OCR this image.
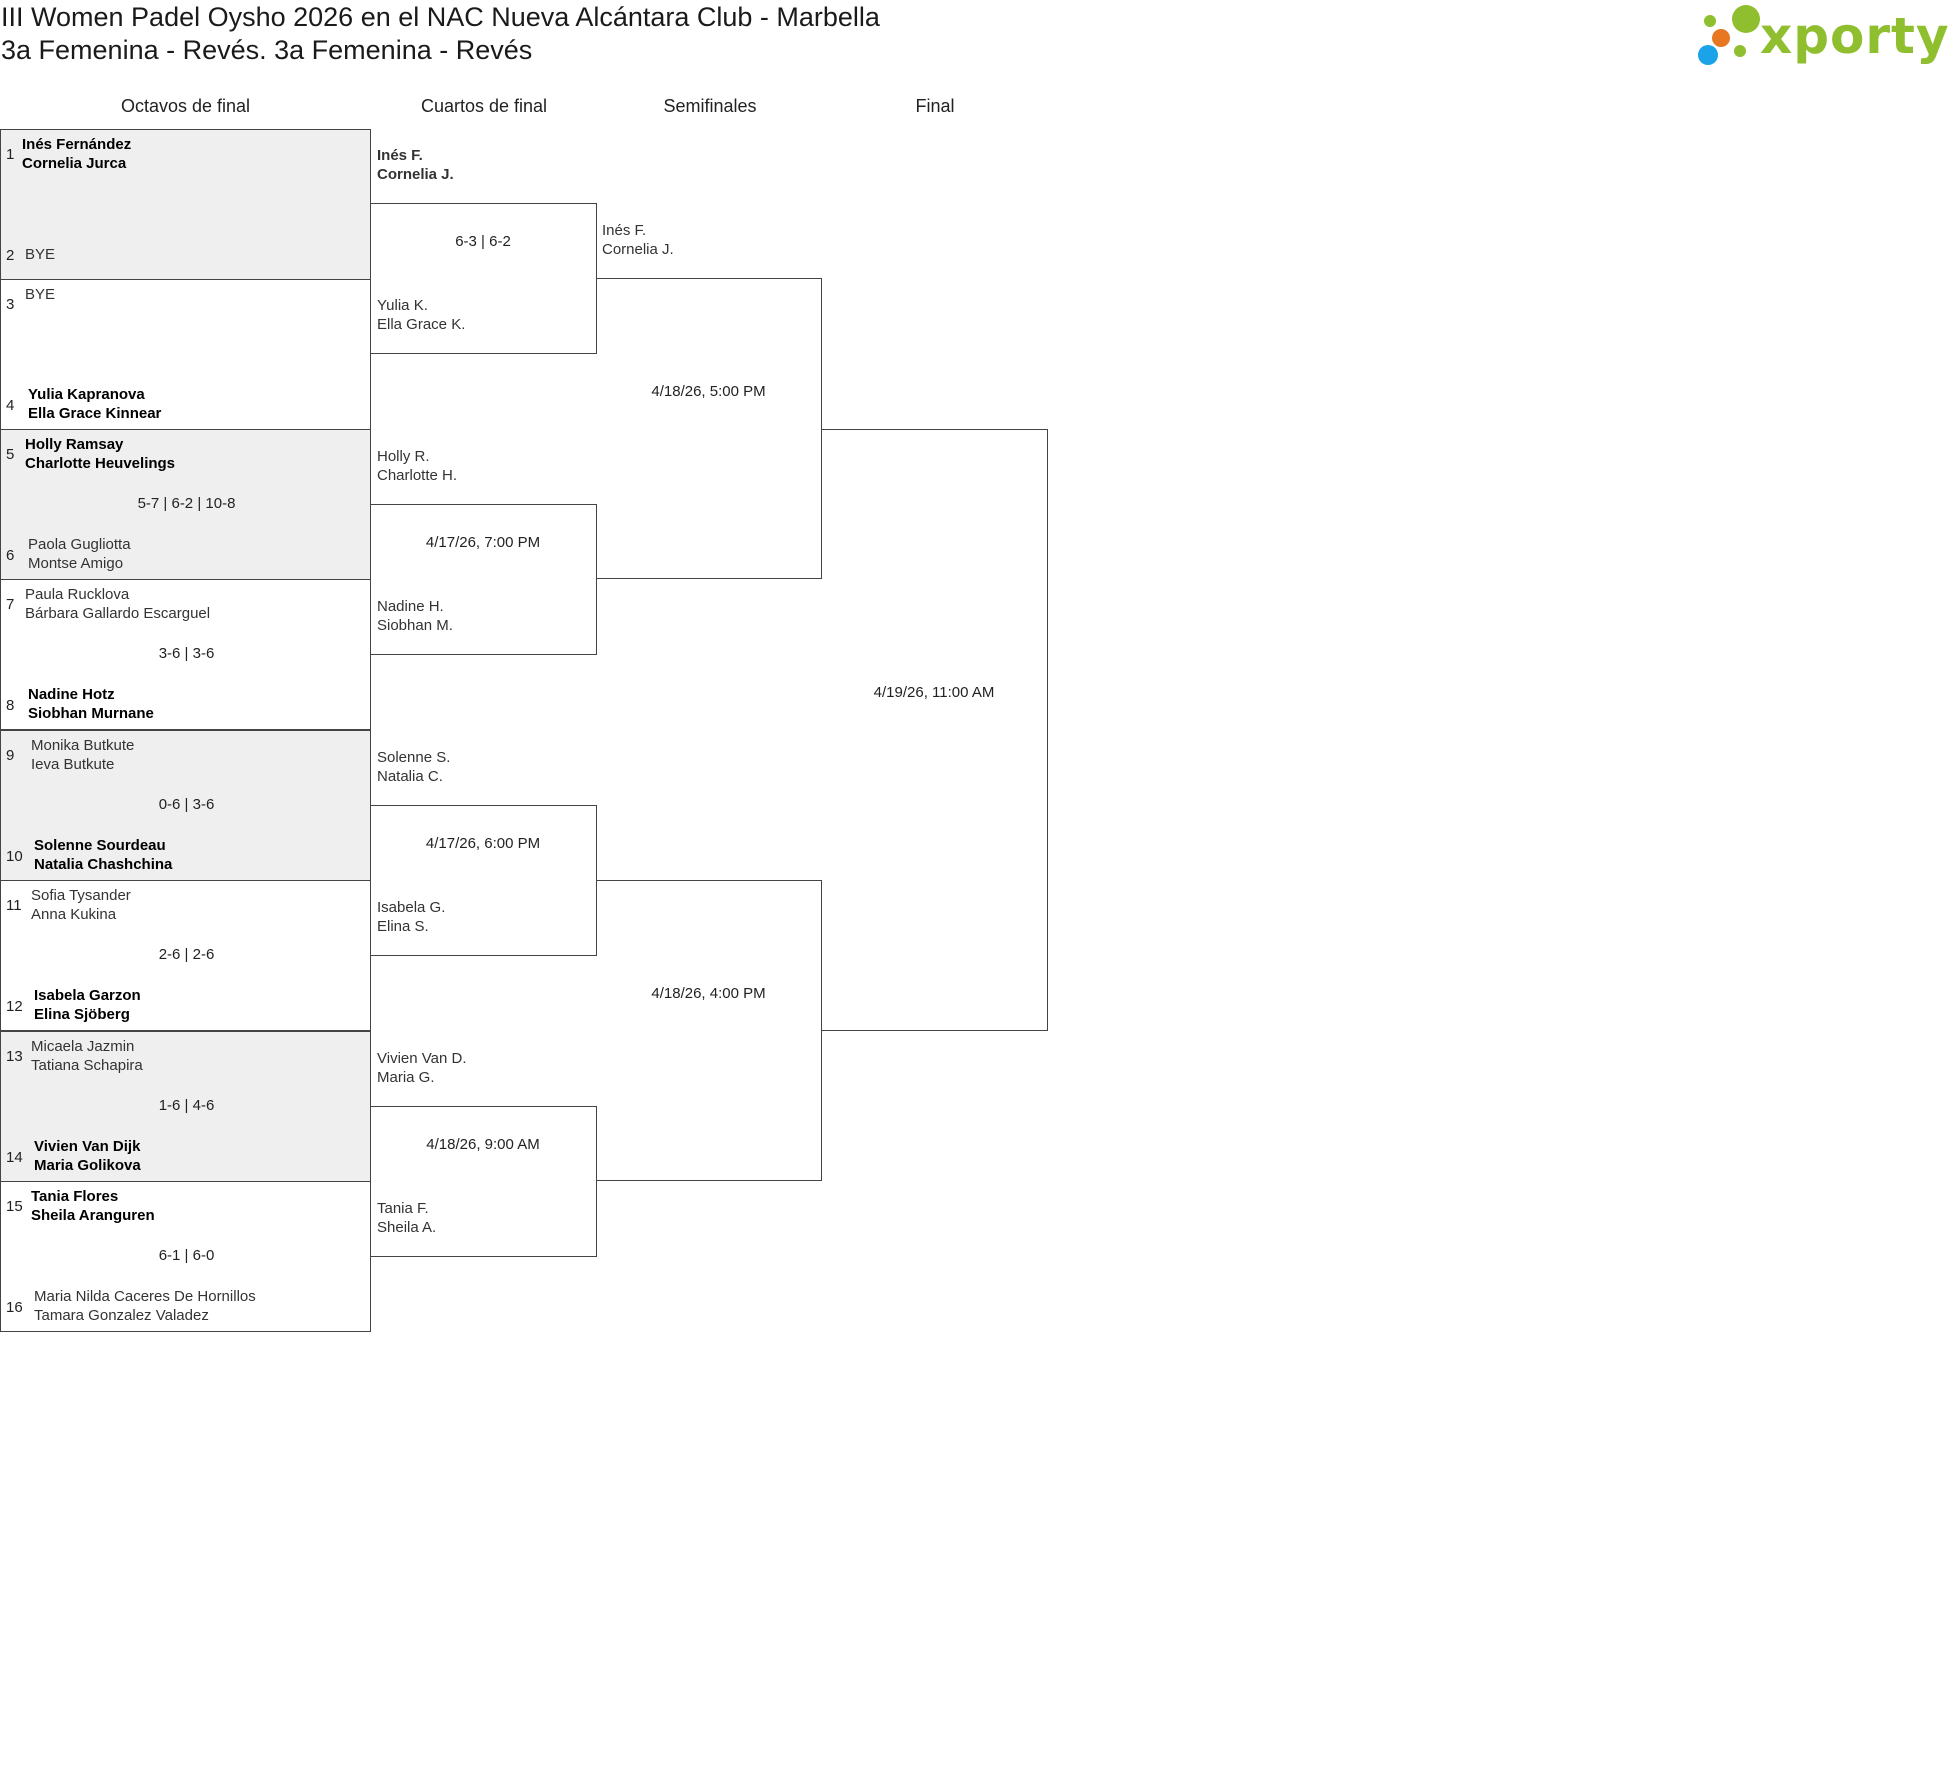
III Women Padel Oysho 2026 en el NAC Nueva Alcántara Club - Marbella
3a Femenina - Revés. 3a Femenina - Revés	xporty
Octavos de final	Cuartos de final	Semifinales	Final
1
Inés Fernández
Cornelia Jurca
2 BYE
3
BYE
4
Yulia Kapranova
Ella Grace Kinnear
5
Holly Ramsay
Charlotte Heuvelings
5-7 | 6-2 | 10-8
6
Paola Gugliotta
Montse Amigo
7
Paula Rucklova
Bárbara Gallardo Escarguel
3-6 | 3-6
8
Nadine Hotz
Siobhan Murnane
9
Monika Butkute
Ieva Butkute
0-6 | 3-6
10
Solenne Sourdeau
Natalia Chashchina
11
Sofia Tysander
Anna Kukina
2-6 | 2-6
12
Isabela Garzon
Elina Sjöberg
13
Micaela Jazmin
Tatiana Schapira
1-6 | 4-6
14
Vivien Van Dijk
Maria Golikova
15
Tania Flores
Sheila Aranguren
6-1 | 6-0
16
Maria Nilda Caceres De Hornillos
Tamara Gonzalez Valadez
6-3 | 6-2
4/17/26, 7:00 PM
4/17/26, 6:00 PM
4/18/26, 9:00 AM
Inés F.
Cornelia J.
Yulia K.
Ella Grace K.
Holly R.
Charlotte H.
Nadine H.
Siobhan M.
Solenne S.
Natalia C.
Isabela G.
Elina S.
Vivien Van D.
Maria G.
Tania F.
Sheila A.
4/18/26, 5:00 PM
4/18/26, 4:00 PM
Inés F.
Cornelia J.
4/19/26, 11:00 AM
